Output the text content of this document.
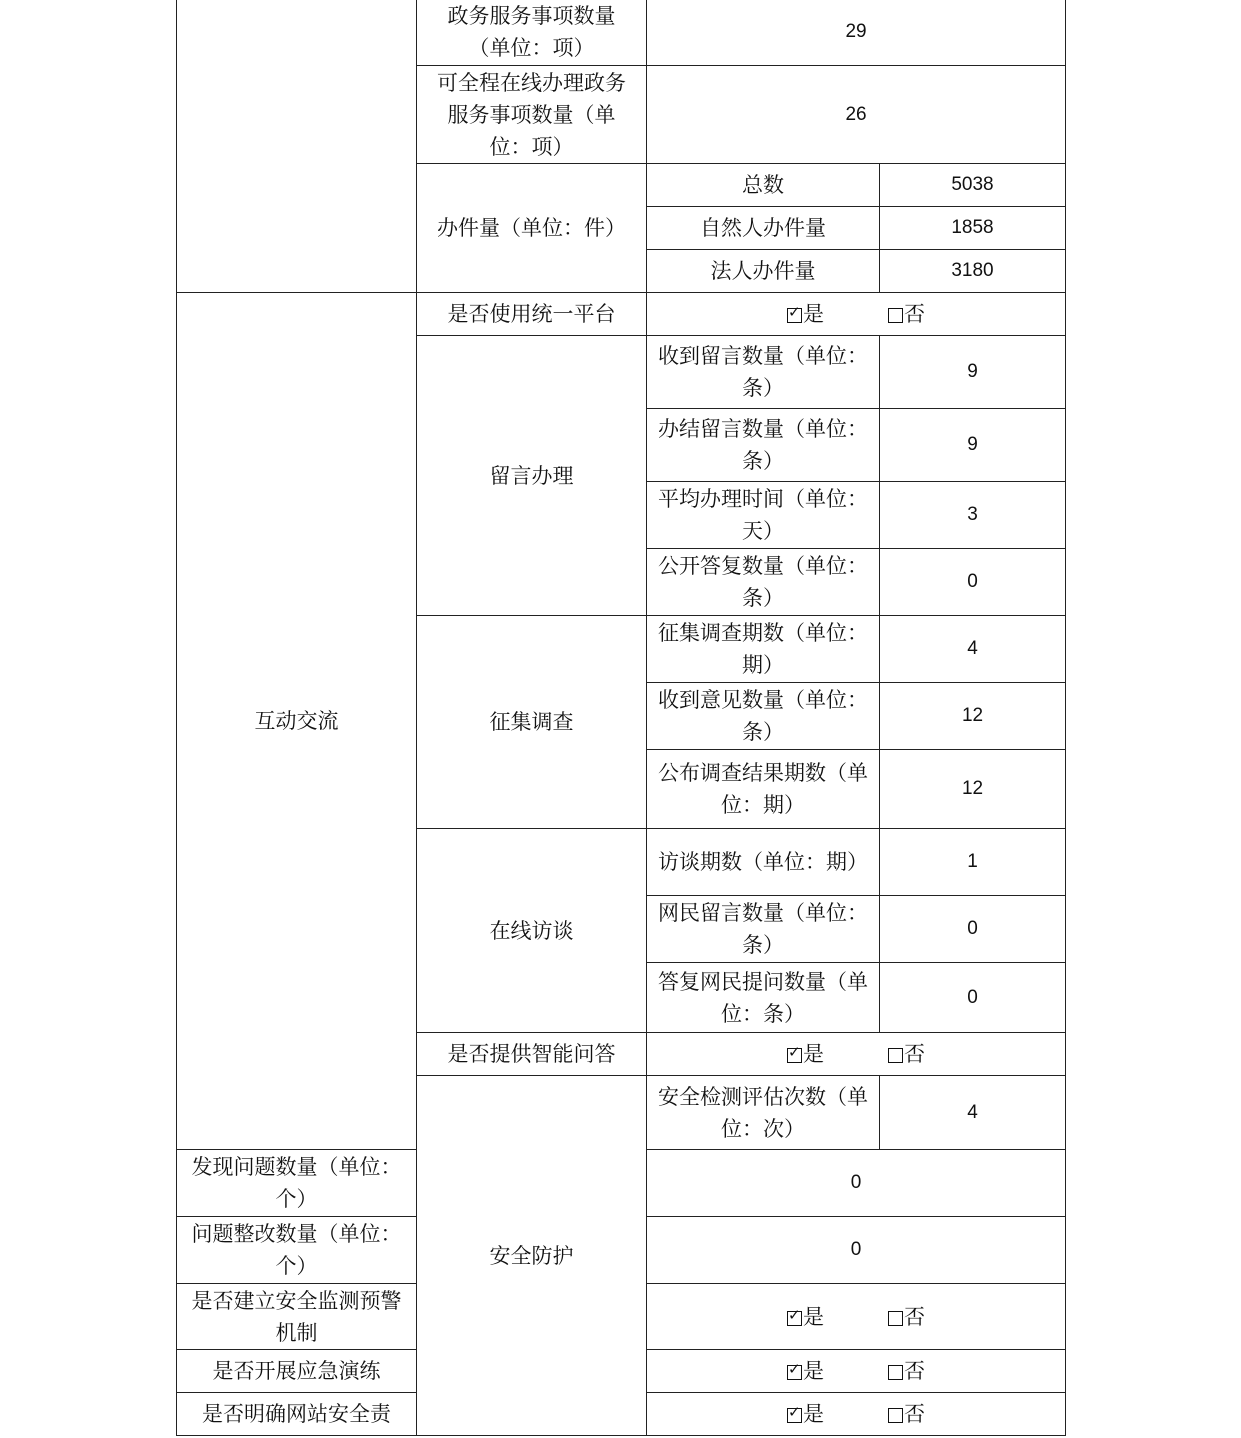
	政务服务事项数量（单位：项）	29	
	可全程在线办理政务服务事项数量（单位：项）	26	
	办件量（单位：件）	总数	5038
		自然人办件量	1858
		法人办件量	3180
互动交流	是否使用统一平台	✓ 是 否	
	留言办理	收到留言数量（单位：条）	9
		办结留言数量（单位：条）	9
		平均办理时间（单位：天）	3
		公开答复数量（单位：条）	0
	征集调查	征集调查期数（单位：期）	4
		收到意见数量（单位：条）	12
		公布调查结果期数（单位：期）	12
	在线访谈	访谈期数（单位：期）	1
		网民留言数量（单位：条）	0
		答复网民提问数量（单位：条）	0
	是否提供智能问答	✓ 是 否	
	安全防护	安全检测评估次数（单位：次）	4
发现问题数量（单位：个）		0	
问题整改数量（单位：个）		0	
是否建立安全监测预警机制		✓ 是 否	
是否开展应急演练		✓ 是 否	
是否明确网站安全责		✓ 是 否	
